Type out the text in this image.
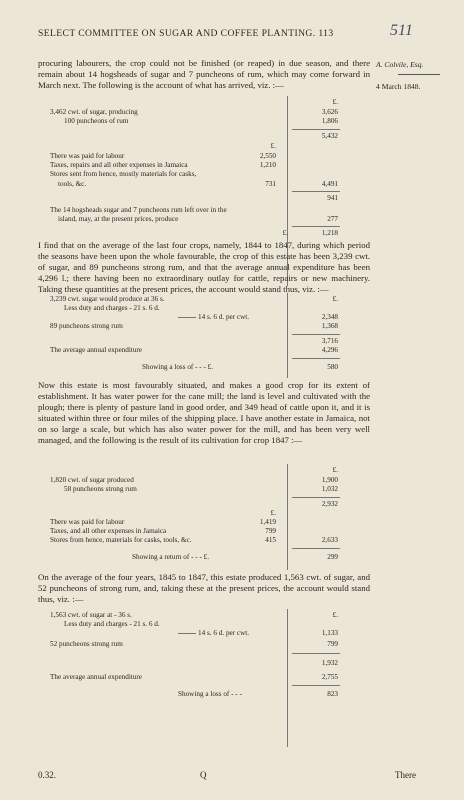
SELECT COMMITTEE ON SUGAR AND COFFEE PLANTING. 113	511
A. Colvile, Esq.
4 March 1848.
procuring labourers, the crop could not be finished (or reaped) in due season, and there remain about 14 hogsheads of sugar and 7 puncheons of rum, which may come forward in March next. The following is the account of what has arrived, viz. :—
£.
3,462 cwt. of sugar, producing	3,626
100 puncheons of rum	1,806
5,432
£.
There was paid for labour	2,550
Taxes, repairs and all other expenses in Jamaica	1,210
Stores sent from hence, mostly materials for casks,
tools, &c.	731	4,491
941
The 14 hogsheads sugar and 7 puncheons rum left over in the
island, may, at the present prices, produce	277
£.	1,218
I find that on the average of the last four crops, namely, 1844 to 1847, during which period the seasons have been upon the whole favourable, the crop of this estate has been 3,239 cwt. of sugar, and 89 puncheons strong rum, and that the average annual expenditure has been 4,296 l.; there having been no extraordinary outlay for cattle, repairs or new machinery. Taking these quantities at the present prices, the account would stand thus, viz. :—
£.
3,239 cwt. sugar would produce at 36 s.
Less duty and charges - 21 s. 6 d.
14 s. 6 d. per cwt.	2,348
89 puncheons strong rum	1,368
3,716
The average annual expenditure	4,296
Showing a loss of - - - £.	580
Now this estate is most favourably situated, and makes a good crop for its extent of establishment. It has water power for the cane mill; the land is level and cultivated with the plough; there is plenty of pasture land in good order, and 349 head of cattle upon it, and it is situated within three or four miles of the shipping place. I have another estate in Jamaica, not on so large a scale, but which has also water power for the mill, and has been very well managed, and the following is the result of its cultivation for crop 1847 :—
£.
1,820 cwt. of sugar produced	1,900
58 puncheons strong rum	1,032
2,932
£.
There was paid for labour	1,419
Taxes, and all other expenses in Jamaica	799
Stores from hence, materials for casks, tools, &c.	415	2,633
Showing a return of - - - £.	299
On the average of the four years, 1845 to 1847, this estate produced 1,563 cwt. of sugar, and 52 puncheons of strong rum, and, taking these at the present prices, the account would stand thus, viz. :—
£.
1,563 cwt. of sugar at - 36 s.
Less duty and charges - 21 s. 6 d.
14 s. 6 d. per cwt.	1,133
52 puncheons strong rum	799
1,932
The average annual expenditure	2,755
Showing a loss of - - -	823
0.32.	Q	There
